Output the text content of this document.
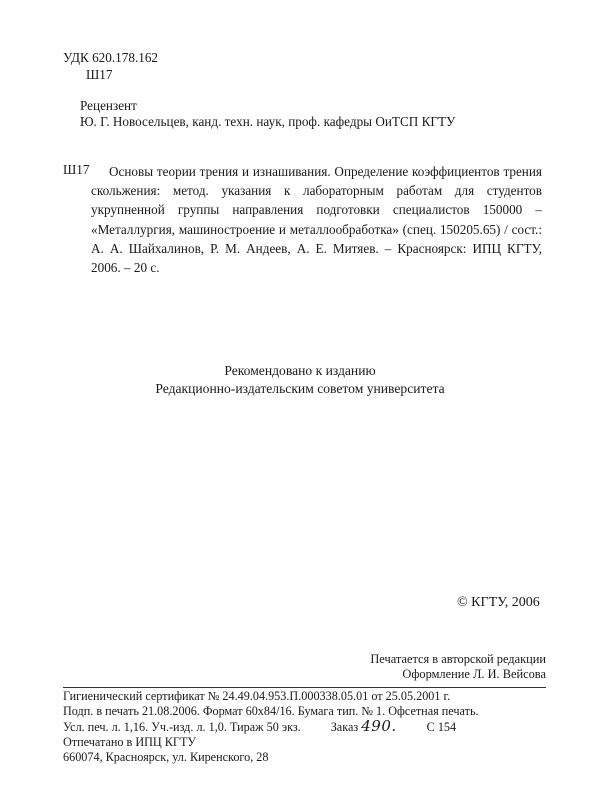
УДК 620.178.162
Ш17
Рецензент
Ю. Г. Новосельцев, канд. техн. наук, проф. кафедры ОиТСП КГТУ
Ш17	Основы теории трения и изнашивания. Определение коэффициентов трения скольжения: метод. указания к лабораторным работам для студентов укрупненной группы направления подготовки специалистов 150000 – «Металлургия, машиностроение и металлообработка» (спец. 150205.65) / сост.: А. А. Шайхалинов, Р. М. Андеев, А. Е. Митяев. – Красноярск: ИПЦ КГТУ, 2006. – 20 с.

Рекомендовано к изданию
Редакционно-издательским советом университета
© КГТУ, 2006
Печатается в авторской редакции
Оформление Л. И. Вейсова
Гигиенический сертификат № 24.49.04.953.П.000338.05.01 от 25.05.2001 г.
Подп. в печать 21.08.2006. Формат 60х84/16. Бумага тип. № 1. Офсетная печать.
Усл. печ. л. 1,16. Уч.-изд. л. 1,0. Тираж 50 экз. Заказ 490. С 154
Отпечатано в ИПЦ КГТУ
660074, Красноярск, ул. Киренского, 28
